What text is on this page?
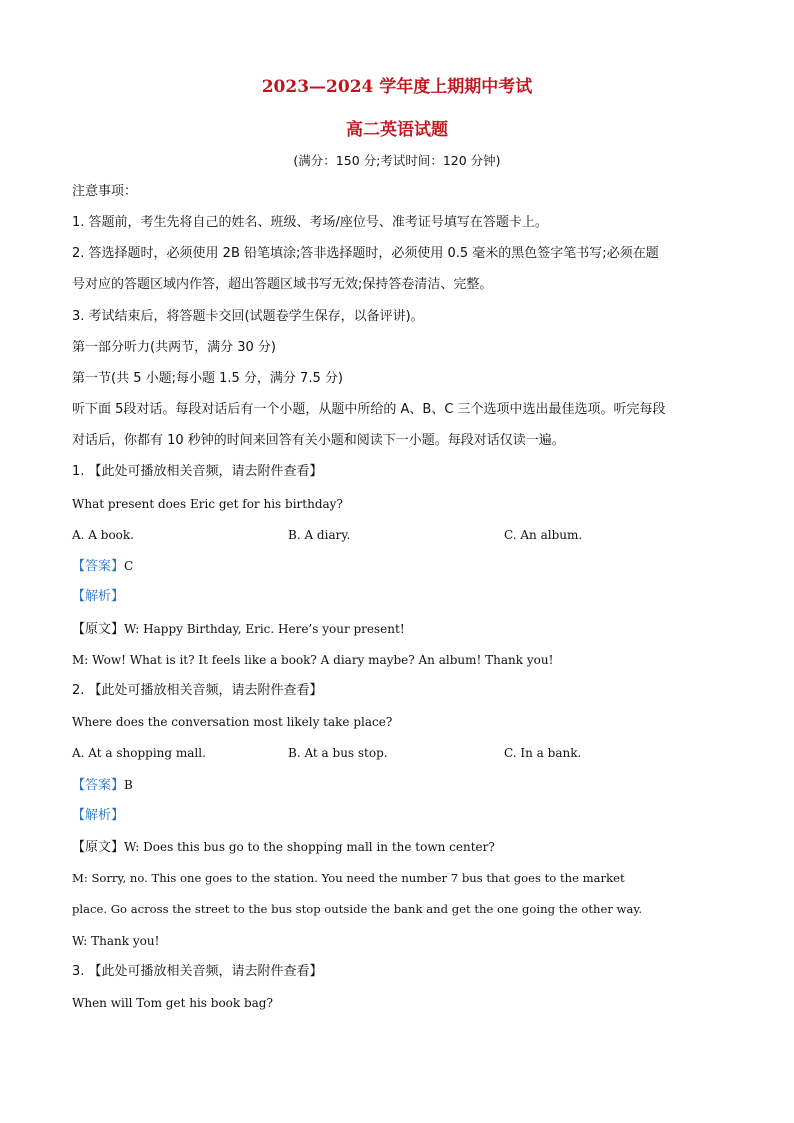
2023—2024 学年度上期期中考试
高二英语试题
(满分：150 分;考试时间：120 分钟)
注意事项：
1. 答题前，考生先将自己的姓名、班级、考场/座位号、准考证号填写在答题卡上。
2. 答选择题时，必须使用 2B 铅笔填涂;答非选择题时，必须使用 0.5 毫米的黑色签字笔书写;必须在题
号对应的答题区域内作答，超出答题区域书写无效;保持答卷清洁、完整。
3. 考试结束后，将答题卡交回(试题卷学生保存，以备评讲)。
第一部分听力(共两节，满分 30 分)
第一节(共 5 小题;每小题 1.5 分，满分 7.5 分)
听下面 5段对话。每段对话后有一个小题，从题中所给的 A、B、C 三个选项中选出最佳选项。听完每段
对话后，你都有 10 秒钟的时间来回答有关小题和阅读下一小题。每段对话仅读一遍。
1. 【此处可播放相关音频，请去附件查看】
What present does Eric get for his birthday?
A. A book.	B. A diary.	C. An album.
【答案】C
【解析】
【原文】W: Happy Birthday, Eric. Here’s your present!
M: Wow! What is it? It feels like a book? A diary maybe? An album! Thank you!
2. 【此处可播放相关音频，请去附件查看】
Where does the conversation most likely take place?
A. At a shopping mall.	B. At a bus stop.	C. In a bank.
【答案】B
【解析】
【原文】W: Does this bus go to the shopping mall in the town center?
M: Sorry, no. This one goes to the station. You need the number 7 bus that goes to the market
place. Go across the street to the bus stop outside the bank and get the one going the other way.
W: Thank you!
3. 【此处可播放相关音频，请去附件查看】
When will Tom get his book bag?
